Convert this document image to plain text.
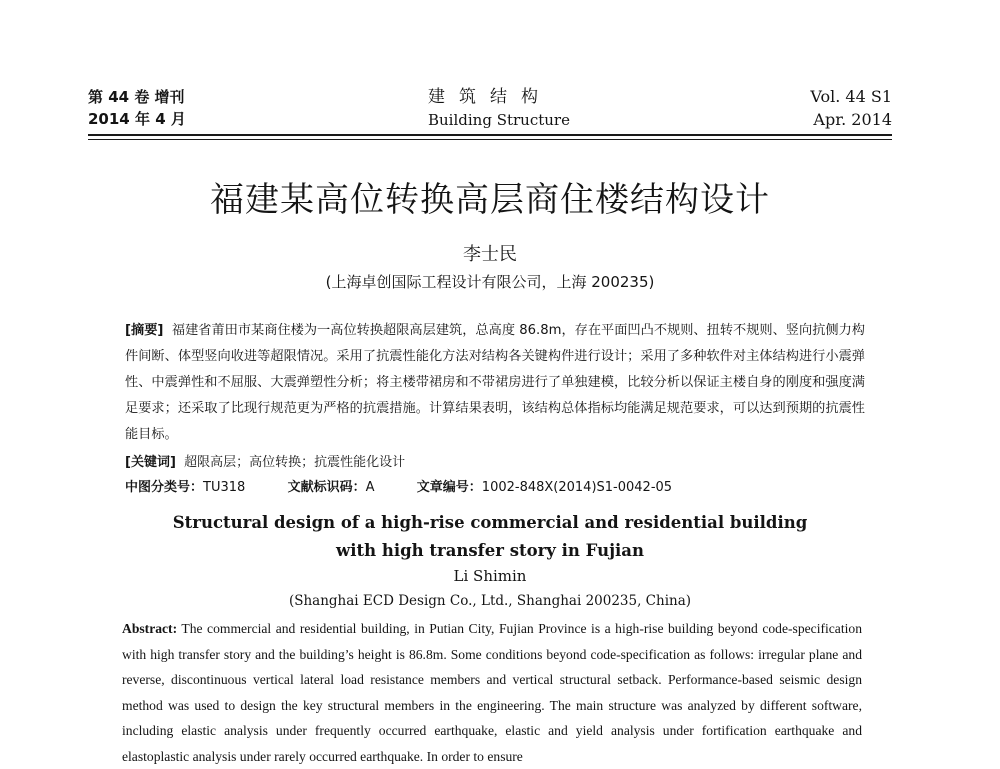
第 44 卷 增刊
2014 年 4 月
建筑结构
Building Structure
Vol. 44 S1
Apr. 2014
福建某高位转换高层商住楼结构设计
李士民
(上海卓创国际工程设计有限公司，上海 200235)
[摘要] 福建省莆田市某商住楼为一高位转换超限高层建筑，总高度 86.8m，存在平面凹凸不规则、扭转不规则、竖向抗侧力构件间断、体型竖向收进等超限情况。采用了抗震性能化方法对结构各关键构件进行设计；采用了多种软件对主体结构进行小震弹性、中震弹性和不屈服、大震弹塑性分析；将主楼带裙房和不带裙房进行了单独建模，比较分析以保证主楼自身的刚度和强度满足要求；还采取了比现行规范更为严格的抗震措施。计算结果表明，该结构总体指标均能满足规范要求，可以达到预期的抗震性能目标。
[关键词] 超限高层；高位转换；抗震性能化设计
中图分类号：TU318	文献标识码：A	文章编号：1002-848X(2014)S1-0042-05
Structural design of a high-rise commercial and residential building
with high transfer story in Fujian
Li Shimin
(Shanghai ECD Design Co., Ltd., Shanghai 200235, China)
Abstract: The commercial and residential building, in Putian City, Fujian Province is a high-rise building beyond code-specification with high transfer story and the building’s height is 86.8m. Some conditions beyond code-specification as follows: irregular plane and reverse, discontinuous vertical lateral load resistance members and vertical structural setback. Performance-based seismic design method was used to design the key structural members in the engineering. The main structure was analyzed by different software, including elastic analysis under frequently occurred earthquake, elastic and yield analysis under fortification earthquake and elastoplastic analysis under rarely occurred earthquake. In order to ensure
